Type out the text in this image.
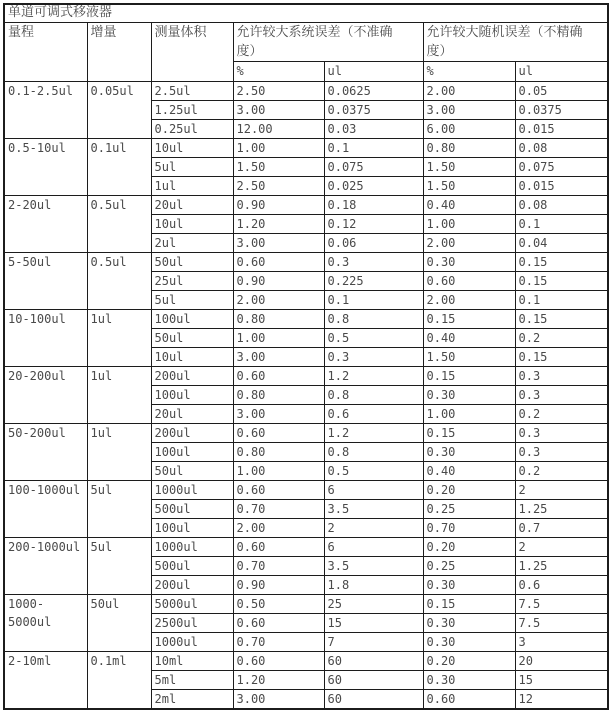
单道可调式移液器						
量程	增量	测量体积	允许较大系统误差（不准确度）		允许较大随机误差（不精确度）	
			%	ul	%	ul
0.1-2.5ul	0.05ul	2.5ul	2.50	0.0625	2.00	0.05
		1.25ul	3.00	0.0375	3.00	0.0375
		0.25ul	12.00	0.03	6.00	0.015
0.5-10ul	0.1ul	10ul	1.00	0.1	0.80	0.08
		5ul	1.50	0.075	1.50	0.075
		1ul	2.50	0.025	1.50	0.015
2-20ul	0.5ul	20ul	0.90	0.18	0.40	0.08
		10ul	1.20	0.12	1.00	0.1
		2ul	3.00	0.06	2.00	0.04
5-50ul	0.5ul	50ul	0.60	0.3	0.30	0.15
		25ul	0.90	0.225	0.60	0.15
		5ul	2.00	0.1	2.00	0.1
10-100ul	1ul	100ul	0.80	0.8	0.15	0.15
		50ul	1.00	0.5	0.40	0.2
		10ul	3.00	0.3	1.50	0.15
20-200ul	1ul	200ul	0.60	1.2	0.15	0.3
		100ul	0.80	0.8	0.30	0.3
		20ul	3.00	0.6	1.00	0.2
50-200ul	1ul	200ul	0.60	1.2	0.15	0.3
		100ul	0.80	0.8	0.30	0.3
		50ul	1.00	0.5	0.40	0.2
100-1000ul	5ul	1000ul	0.60	6	0.20	2
		500ul	0.70	3.5	0.25	1.25
		100ul	2.00	2	0.70	0.7
200-1000ul	5ul	1000ul	0.60	6	0.20	2
		500ul	0.70	3.5	0.25	1.25
		200ul	0.90	1.8	0.30	0.6
1000-5000ul	50ul	5000ul	0.50	25	0.15	7.5
		2500ul	0.60	15	0.30	7.5
		1000ul	0.70	7	0.30	3
2-10ml	0.1ml	10ml	0.60	60	0.20	20
		5ml	1.20	60	0.30	15
		2ml	3.00	60	0.60	12
